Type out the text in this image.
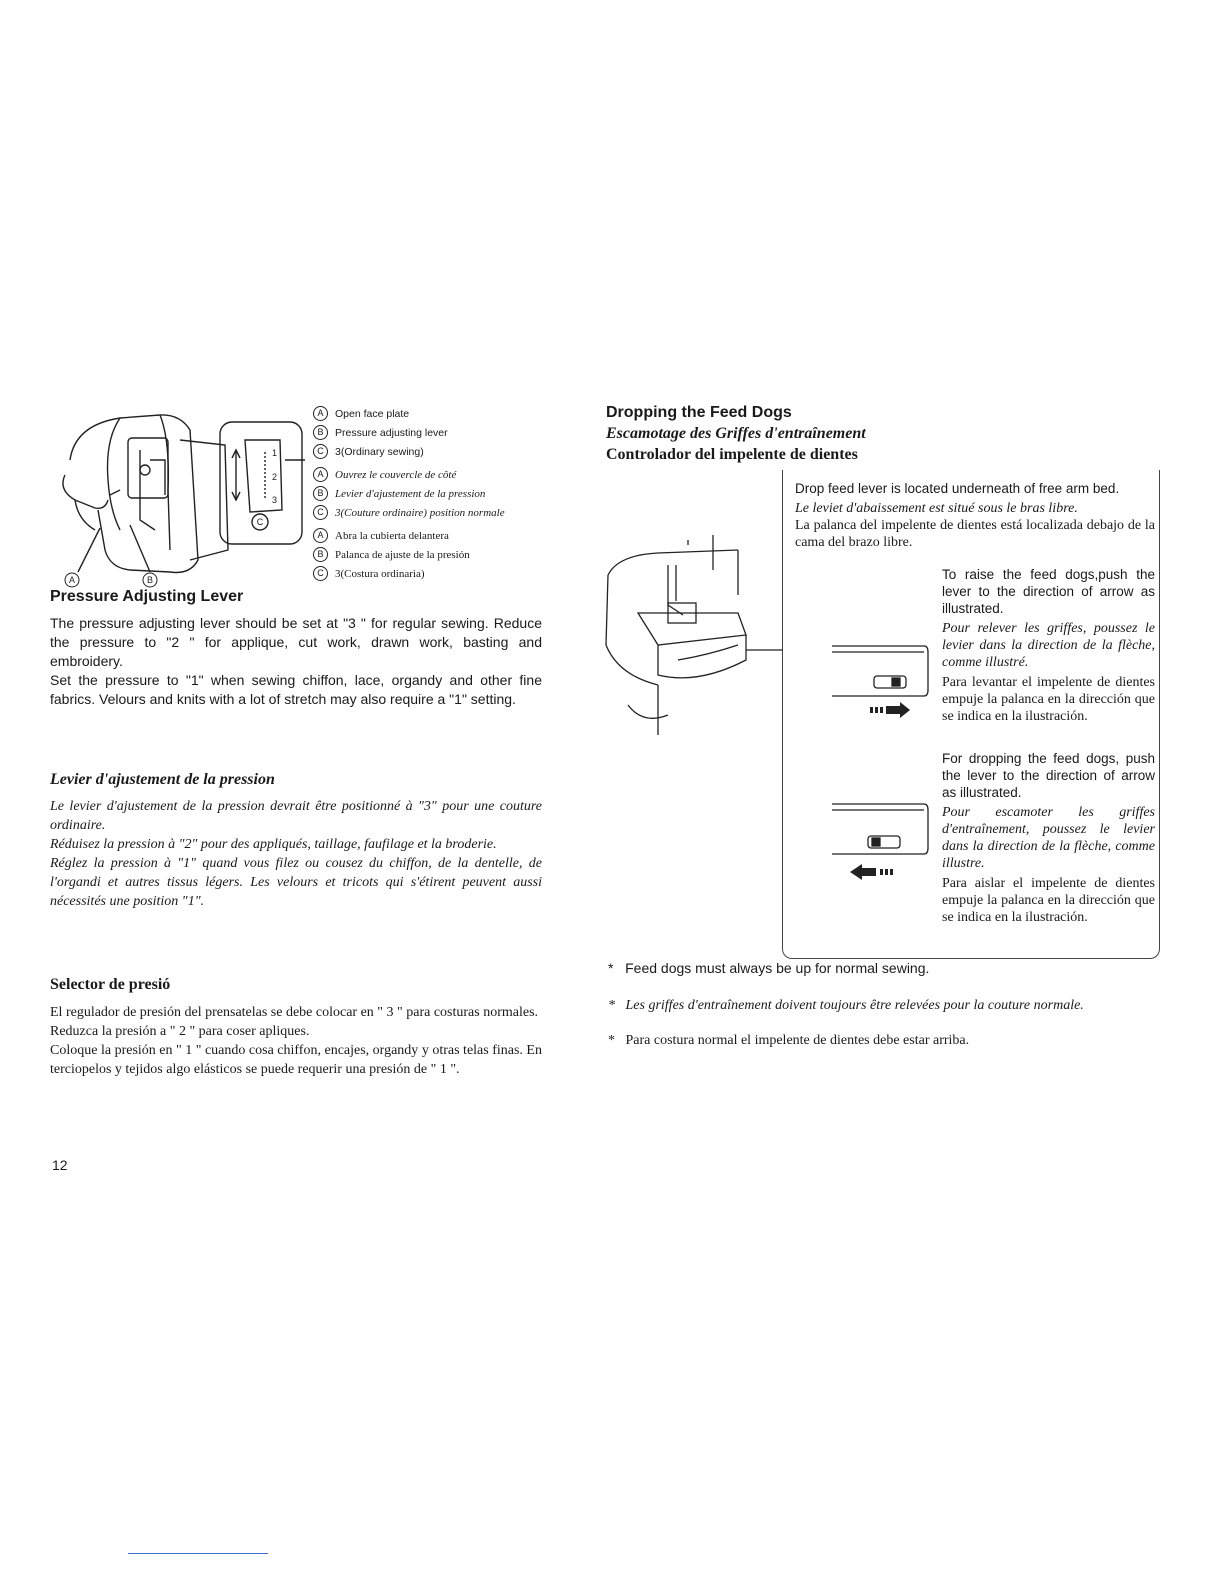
A	B
C
1
2
3
A	Open face plate
B	Pressure adjusting lever
C	3(Ordinary sewing)
A	Ouvrez le couvercle de côté
B	Levier d'ajustement de la pression
C	3(Couture ordinaire) position normale
A	Abra la cubierta delantera
B	Palanca de ajuste de la presión
C	3(Costura ordinaria)
Pressure Adjusting Lever

The pressure adjusting lever should be set at "3 " for regular sewing. Reduce the pressure to "2 " for applique, cut work, drawn work, basting and embroidery.

Set the pressure to "1" when sewing chiffon, lace, organdy and other fine fabrics. Velours and knits with a lot of stretch may also require a "1" setting.

Levier d'ajustement de la pression

Le levier d'ajustement de la pression devrait être positionné à "3" pour une couture ordinaire.

Réduisez la pression à "2" pour des appliqués, taillage, faufilage et la broderie.

Réglez la pression à "1" quand vous filez ou cousez du chiffon, de la dentelle, de l'organdi et autres tissus légers. Les velours et tricots qui s'étirent peuvent aussi nécessités une position "1".

Selector de presió

El regulador de presión del prensatelas se debe colocar en " 3 " para costuras normales.

Reduzca la presión a " 2 " para coser apliques.

Coloque la presión en " 1 " cuando cosa chiffon, encajes, organdy y otras telas finas. En terciopelos y tejidos algo elásticos se puede requerir una presión de " 1 ".

12
Dropping the Feed Dogs
Escamotage des Griffes d'entraînement
Controlador del impelente de dientes

Drop feed lever is located underneath of free arm bed.

Le leviet d'abaissement est situé sous le bras libre.

La palanca del impelente de dientes está localizada debajo de la cama del brazo libre.

To raise the feed dogs,push the lever to the direction of arrow as illustrated.

Pour relever les griffes, poussez le levier dans la direction de la flèche, comme illustré.

Para levantar el impelente de dientes empuje la palanca en la dirección que se indica en la ilustración.

For dropping the feed dogs, push the lever to the direction of arrow as illustrated.

Pour escamoter les griffes d'entraînement, poussez le levier dans la direction de la flèche, comme illustre.

Para aislar el impelente de dientes empuje la palanca en la dirección que se indica en la ilustración.

* Feed dogs must always be up for normal sewing.
* Les griffes d'entraînement doivent toujours être relevées pour la couture normale.
* Para costura normal el impelente de dientes debe estar arriba.
